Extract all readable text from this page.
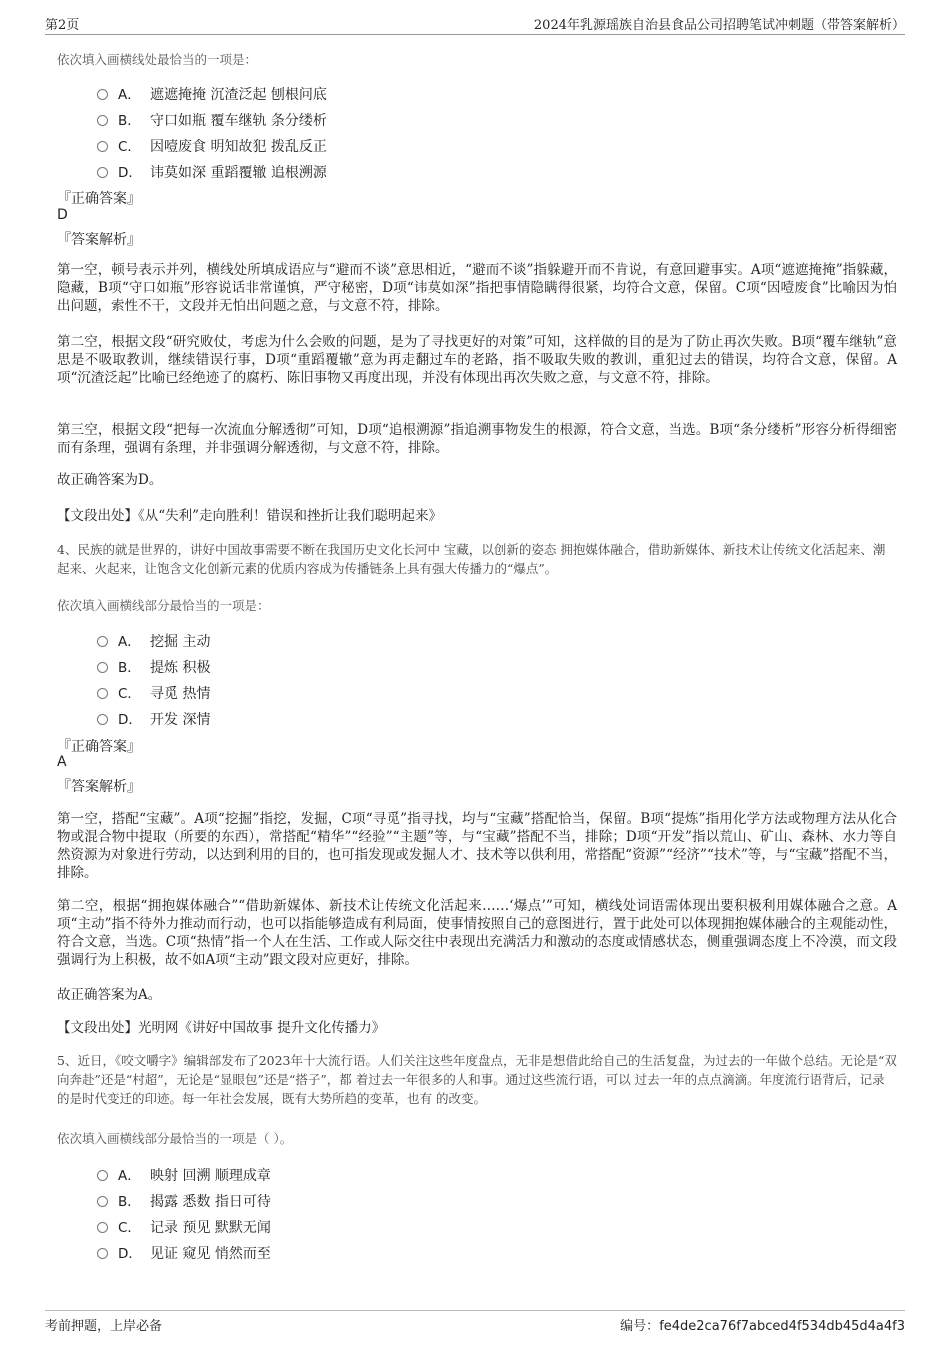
第2页	2024年乳源瑶族自治县食品公司招聘笔试冲刺题（带答案解析）
依次填入画横线处最恰当的一项是：
A． 遮遮掩掩 沉渣泛起 刨根问底
B． 守口如瓶 覆车继轨 条分缕析
C． 因噎废食 明知故犯 拨乱反正
D． 讳莫如深 重蹈覆辙 追根溯源
『正确答案』
D
『答案解析』
第一空，顿号表示并列，横线处所填成语应与“避而不谈”意思相近，“避而不谈”指躲避开而不肯说，有意回避事实。A项“遮遮掩掩”指躲藏，隐藏，B项“守口如瓶”形容说话非常谨慎，严守秘密，D项“讳莫如深”指把事情隐瞒得很紧，均符合文意，保留。C项“因噎废食”比喻因为怕出问题，索性不干，文段并无怕出问题之意，与文意不符，排除。
第二空，根据文段“研究败仗，考虑为什么会败的问题，是为了寻找更好的对策”可知，这样做的目的是为了防止再次失败。B项“覆车继轨”意思是不吸取教训，继续错误行事，D项“重蹈覆辙”意为再走翻过车的老路，指不吸取失败的教训，重犯过去的错误，均符合文意，保留。A项“沉渣泛起”比喻已经绝迹了的腐朽、陈旧事物又再度出现，并没有体现出再次失败之意，与文意不符，排除。
第三空，根据文段“把每一次流血分解透彻”可知，D项“追根溯源”指追溯事物发生的根源，符合文意，当选。B项“条分缕析”形容分析得细密而有条理，强调有条理，并非强调分解透彻，与文意不符，排除。
故正确答案为D。
【文段出处】《从“失利”走向胜利！错误和挫折让我们聪明起来》
4、民族的就是世界的，讲好中国故事需要不断在我国历史文化长河中 宝藏，以创新的姿态 拥抱媒体融合，借助新媒体、新技术让传统文化活起来、潮起来、火起来，让饱含文化创新元素的优质内容成为传播链条上具有强大传播力的“爆点”。
依次填入画横线部分最恰当的一项是：
A． 挖掘 主动
B． 提炼 积极
C． 寻觅 热情
D． 开发 深情
『正确答案』
A
『答案解析』
第一空，搭配“宝藏”。A项“挖掘”指挖，发掘，C项“寻觅”指寻找，均与“宝藏”搭配恰当，保留。B项“提炼”指用化学方法或物理方法从化合物或混合物中提取（所要的东西），常搭配“精华”“经验”“主题”等，与“宝藏”搭配不当，排除；D项“开发”指以荒山、矿山、森林、水力等自然资源为对象进行劳动，以达到利用的目的，也可指发现或发掘人才、技术等以供利用，常搭配“资源”“经济”“技术”等，与“宝藏”搭配不当，排除。
第二空，根据“拥抱媒体融合”“借助新媒体、新技术让传统文化活起来……‘爆点’”可知，横线处词语需体现出要积极利用媒体融合之意。A项“主动”指不待外力推动而行动，也可以指能够造成有利局面，使事情按照自己的意图进行，置于此处可以体现拥抱媒体融合的主观能动性，符合文意，当选。C项“热情”指一个人在生活、工作或人际交往中表现出充满活力和激动的态度或情感状态，侧重强调态度上不冷漠，而文段强调行为上积极，故不如A项“主动”跟文段对应更好，排除。
故正确答案为A。
【文段出处】光明网《讲好中国故事 提升文化传播力》
5、近日，《咬文嚼字》编辑部发布了2023年十大流行语。人们关注这些年度盘点，无非是想借此给自己的生活复盘，为过去的一年做个总结。无论是“双向奔赴”还是“村超”，无论是“显眼包”还是“搭子”，都 着过去一年很多的人和事。通过这些流行语，可以 过去一年的点点滴滴。年度流行语背后，记录的是时代变迁的印迹。每一年社会发展，既有大势所趋的变革，也有 的改变。
依次填入画横线部分最恰当的一项是（ ）。
A． 映射 回溯 顺理成章
B． 揭露 悉数 指日可待
C． 记录 预见 默默无闻
D． 见证 窥见 悄然而至
考前押题，上岸必备	编号：fe4de2ca76f7abced4f534db45d4a4f3
